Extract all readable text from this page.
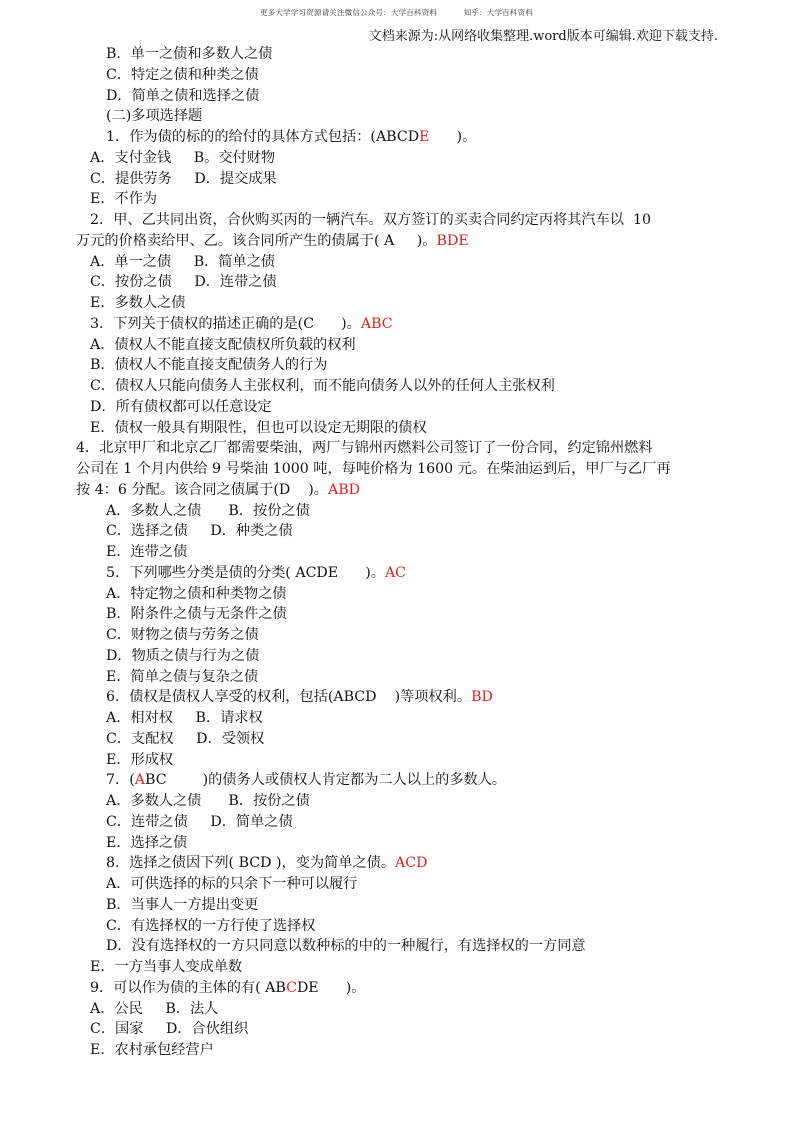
更多大学学习资源请关注微信公众号：大学百科资料	知乎：大学百科资料
文档来源为:从网络收集整理.word版本可编辑.欢迎下载支持.
B．单一之债和多数人之债
C．特定之债和种类之债
D．简单之债和选择之债
(二)多项选择题
1．作为债的标的的给付的具体方式包括：(ABCDE      )。
A．支付金钱     B。交付财物
C．提供劳务     D．提交成果
E．不作为
2．甲、乙共同出资，合伙购买丙的一辆汽车。双方签订的买卖合同约定丙将其汽车以  10
万元的价格卖给甲、乙。该合同所产生的债属于( A     )。BDE
A．单一之债     B．简单之债
C．按份之债     D．连带之债
E．多数人之债
3．下列关于债权的描述正确的是(C      )。ABC
A．债权人不能直接支配债权所负载的权利
B．债权人不能直接支配债务人的行为
C．债权人只能向债务人主张权利，而不能向债务人以外的任何人主张权利
D．所有债权都可以任意设定
E．债权一般具有期限性，但也可以设定无期限的债权
4．北京甲厂和北京乙厂都需要柴油，两厂与锦州丙燃料公司签订了一份合同，约定锦州燃料
公司在 1 个月内供给 9 号柴油 1000 吨，每吨价格为 1600 元。在柴油运到后，甲厂与乙厂再
按 4：6 分配。该合同之债属于(D    )。ABD
A．多数人之债      B．按份之债
C．选择之债     D．种类之债
E．连带之债
5．下列哪些分类是债的分类( ACDE      )。AC
A．特定物之债和种类物之债
B．附条件之债与无条件之债
C．财物之债与劳务之债
D．物质之债与行为之债
E．简单之债与复杂之债
6．债权是债权人享受的权利，包括(ABCD    )等项权利。BD
A．相对权     B．请求权
C．支配权     D．受领权
E．形成权
7．(ABC        )的债务人或债权人肯定都为二人以上的多数人。
A．多数人之债      B．按份之债
C．连带之债     D．简单之债
E．选择之债
8．选择之债因下列( BCD )，变为简单之债。ACD
A．可供选择的标的只余下一种可以履行
B．当事人一方提出变更
C．有选择权的一方行使了选择权
D．没有选择权的一方只同意以数种标的中的一种履行，有选择权的一方同意
E．一方当事人变成单数
9．可以作为债的主体的有( ABCDE      )。
A．公民     B．法人
C．国家     D．合伙组织
E．农村承包经营户
